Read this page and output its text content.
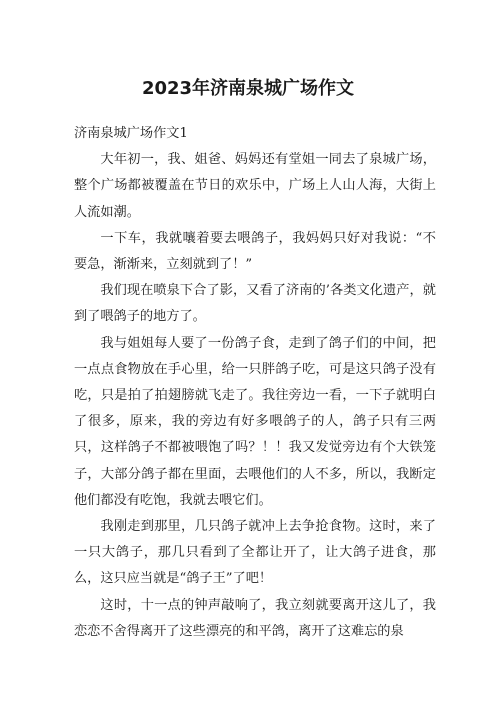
2023年济南泉城广场作文

济南泉城广场作文1

大年初一，我、姐爸、妈妈还有堂姐一同去了泉城广场，整个广场都被覆盖在节日的欢乐中，广场上人山人海，大街上人流如潮。

一下车，我就嚷着要去喂鸽子，我妈妈只好对我说：“不要急，渐渐来，立刻就到了！”

我们现在喷泉下合了影，又看了济南的’各类文化遗产，就到了喂鸽子的地方了。

我与姐姐每人要了一份鸽子食，走到了鸽子们的中间，把一点点食物放在手心里，给一只胖鸽子吃，可是这只鸽子没有吃，只是拍了拍翅膀就飞走了。我往旁边一看，一下子就明白了很多，原来，我的旁边有好多喂鸽子的人，鸽子只有三两只，这样鸽子不都被喂饱了吗？！！我又发觉旁边有个大铁笼子，大部分鸽子都在里面，去喂他们的人不多，所以，我断定他们都没有吃饱，我就去喂它们。

我刚走到那里，几只鸽子就冲上去争抢食物。这时，来了一只大鸽子，那几只看到了全都让开了，让大鸽子进食，那么，这只应当就是“鸽子王”了吧！

这时，十一点的钟声敲响了，我立刻就要离开这儿了，我恋恋不舍得离开了这些漂亮的和平鸽，离开了这难忘的泉
